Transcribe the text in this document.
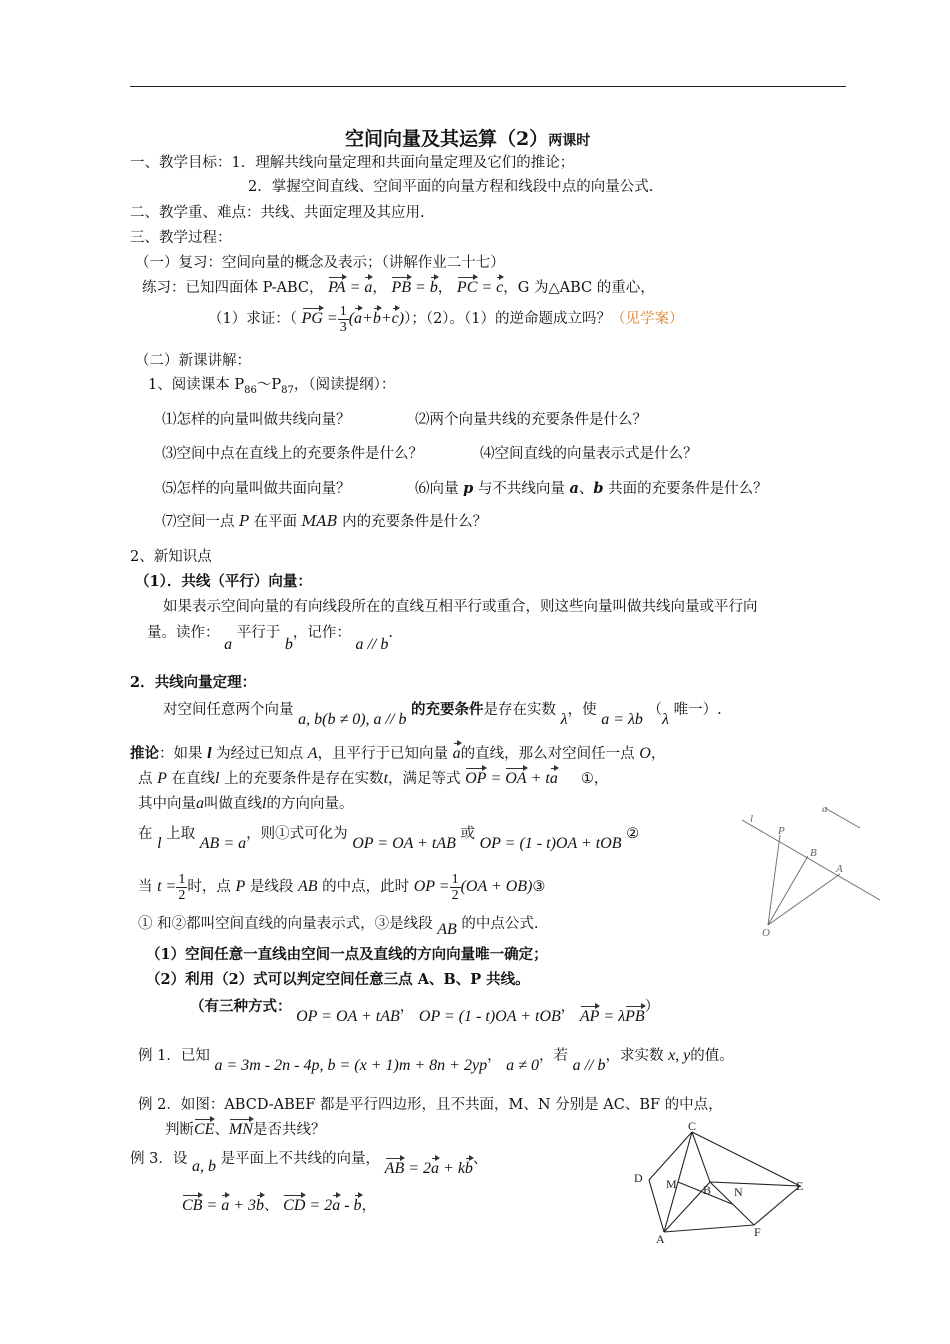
空间向量及其运算（2）两课时
一、教学目标：1．理解共线向量定理和共面向量定理及它们的推论；
2．掌握空间直线、空间平面的向量方程和线段中点的向量公式.
二、教学重、难点：共线、共面定理及其应用.
三、教学过程：
（一）复习：空间向量的概念及表示；（讲解作业二十七）
练习：已知四面体 P-ABC， PA = a， PB = b， PC = c，G 为△ABC 的重心，
（1）求证：（ PG = $\frac{1}{3} (a+b+c)$）；（2）。（1）的逆命题成立吗？（见学案）
（二）新课讲解：
1、阅读课本 $P_{86}\sim P_{87}$，（阅读提纲）：
⑴怎样的向量叫做共线向量？	⑵两个向量共线的充要条件是什么？
⑶空间中点在直线上的充要条件是什么？	⑷空间直线的向量表示式是什么？
⑸怎样的向量叫做共面向量？	⑹向量 p 与不共线向量 a、b 共面的充要条件是什么？
⑺空间一点 P 在平面 MAB 内的充要条件是什么？
2、新知识点
（1）．共线（平行）向量：
如果表示空间向量的有向线段所在的直线互相平行或重合，则这些向量叫做共线向量或平行向
量。读作： a 平行于 b，记作： a // b.
2．共线向量定理：
对空间任意两个向量 a, b(b ≠ 0), a // b 的充要条件是存在实数 λ，使 a = λb （λ 唯一）.
推论：如果 l 为经过已知点 A，且平行于已知向量 a的直线，那么对空间任一点 O，
点 P 在直线l 上的充要条件是存在实数t，满足等式 OP = OA + ta ①，
其中向量a叫做直线l的方向向量。
在 l 上取 AB = a，则①式可化为 OP = OA + tAB 或 OP = (1 - t)OA + tOB ②
当 $t = \frac{1}{2}$ 时，点 P 是线段 AB 的中点，此时 OP = $\frac{1}{2} (OA$ + OB)③
① 和②都叫空间直线的向量表示式，③是线段 AB 的中点公式.
（1）空间任意一直线由空间一点及直线的方向向量唯一确定；
（2）利用（2）式可以判定空间任意三点 A、B、P 共线。
（有三种方式： OP = OA + tAB， OP = (1 - t)OA + tOB， AP = λPB）
例 1．已知 a = 3m - 2n - 4p, b = (x + 1)m + 8n + 2yp， a ≠ 0，若 a // b，求实数 x, y的值。
例 2．如图：ABCD-ABEF 都是平行四边形，且不共面，M、N 分别是 AC、BF 的中点，
判断CE、MN是否共线？
例 3．设 a, b 是平面上不共线的向量， AB = 2a + kb、
CB = a + 3b、 CD = 2a - b，
l
a
P
B
A
O
C
D M B N	E
A	F
